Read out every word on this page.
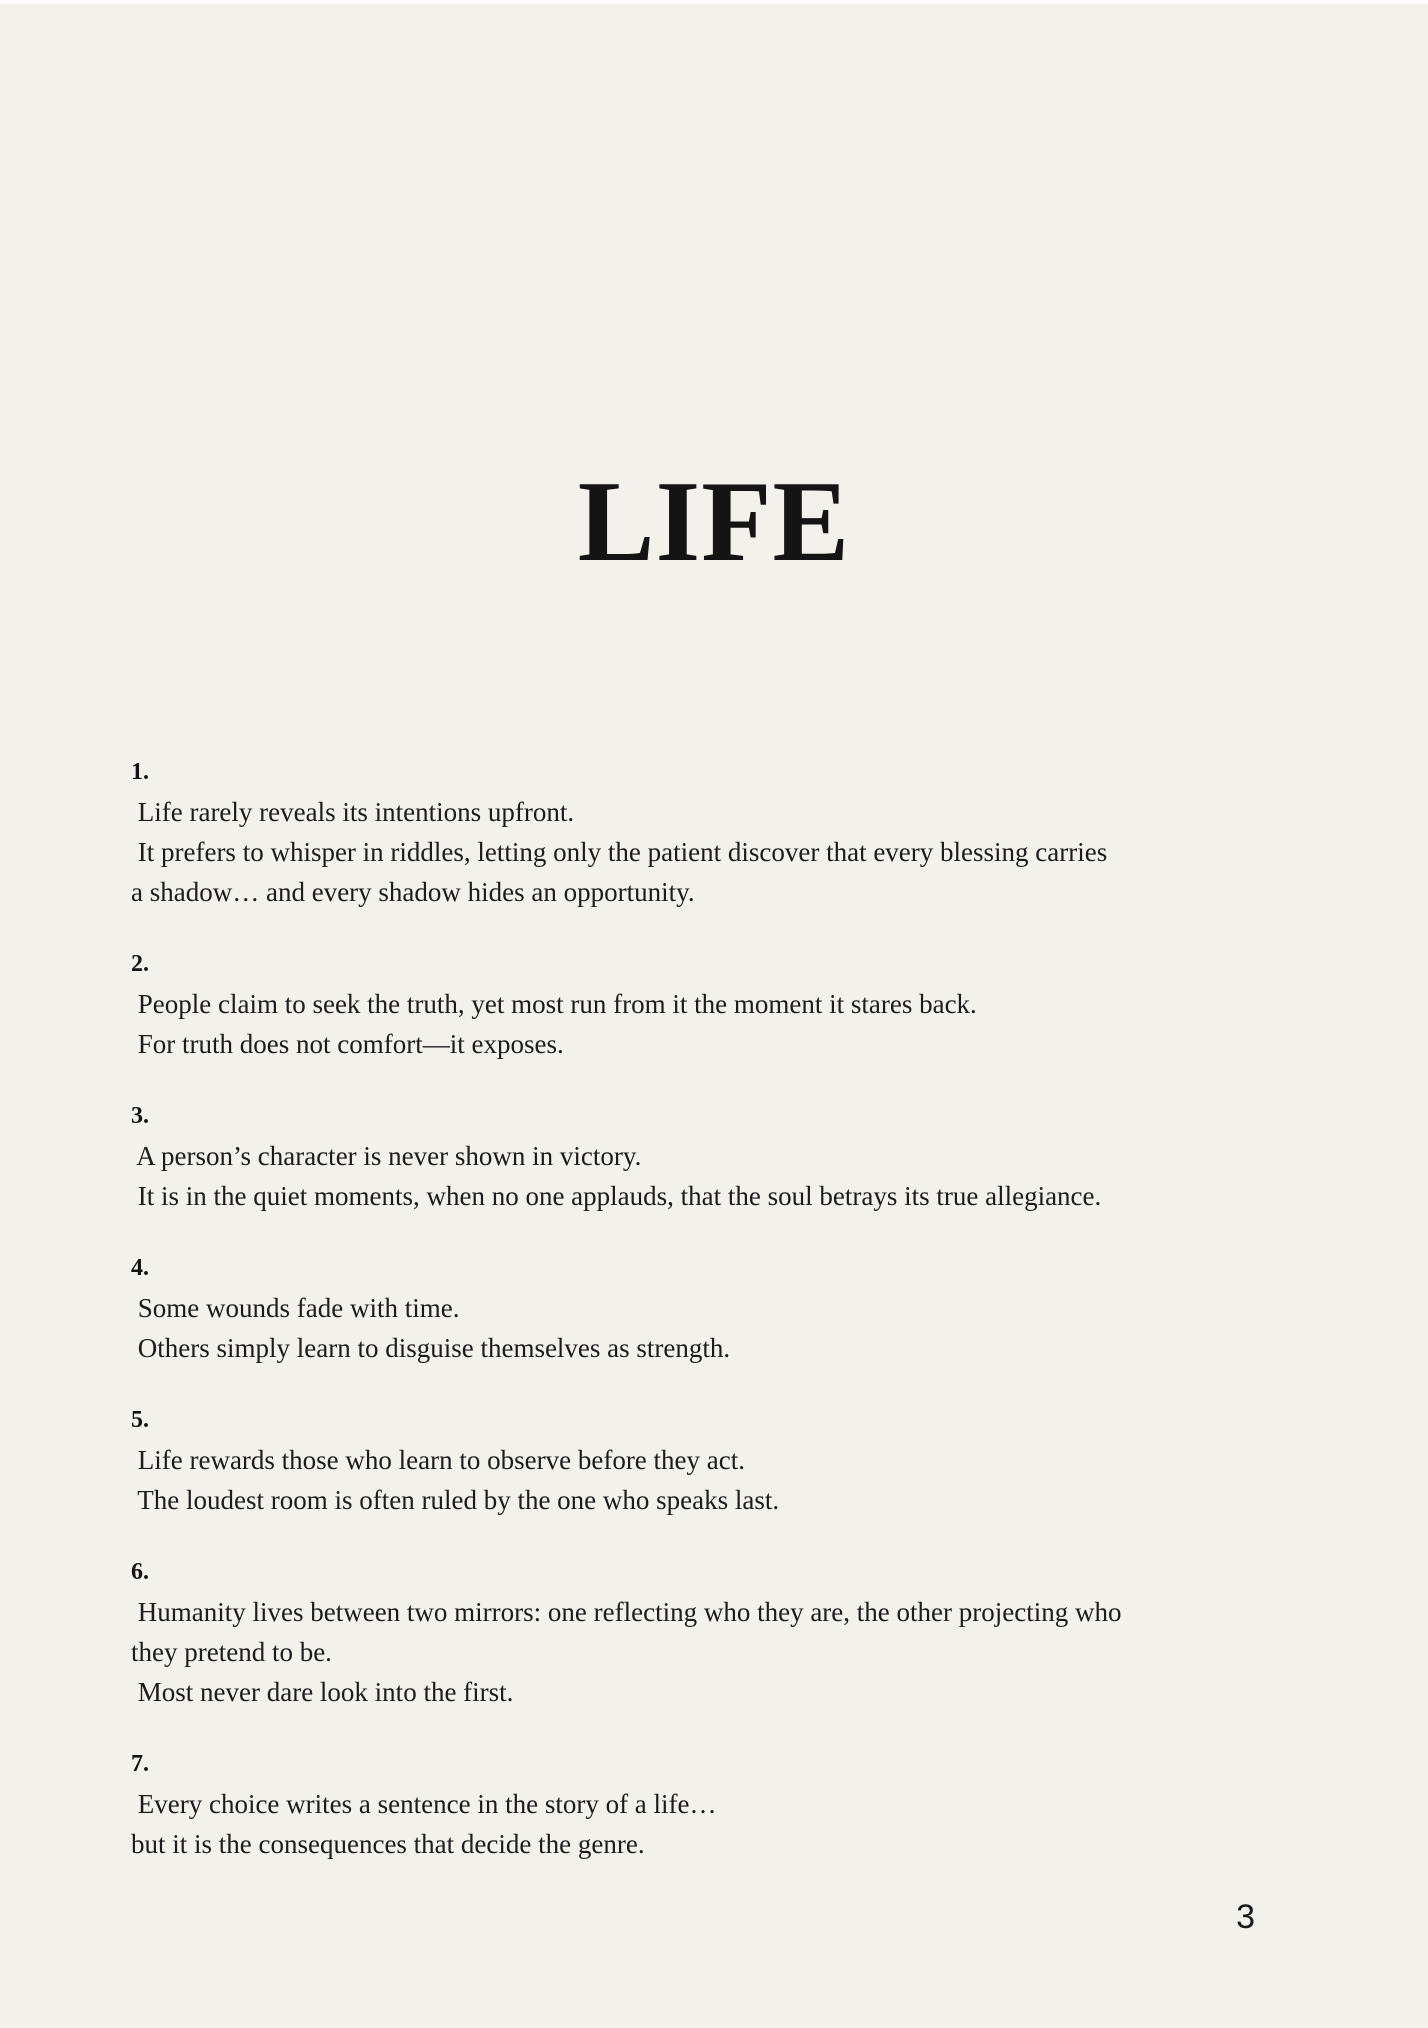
LIFE
1.
Life rarely reveals its intentions upfront.
It prefers to whisper in riddles, letting only the patient discover that every blessing carries
a shadow… and every shadow hides an opportunity.
2.
People claim to seek the truth, yet most run from it the moment it stares back.
For truth does not comfort—it exposes.
3.
A person’s character is never shown in victory.
It is in the quiet moments, when no one applauds, that the soul betrays its true allegiance.
4.
Some wounds fade with time.
Others simply learn to disguise themselves as strength.
5.
Life rewards those who learn to observe before they act.
The loudest room is often ruled by the one who speaks last.
6.
Humanity lives between two mirrors: one reflecting who they are, the other projecting who
they pretend to be.
Most never dare look into the first.
7.
Every choice writes a sentence in the story of a life…
but it is the consequences that decide the genre.
3
